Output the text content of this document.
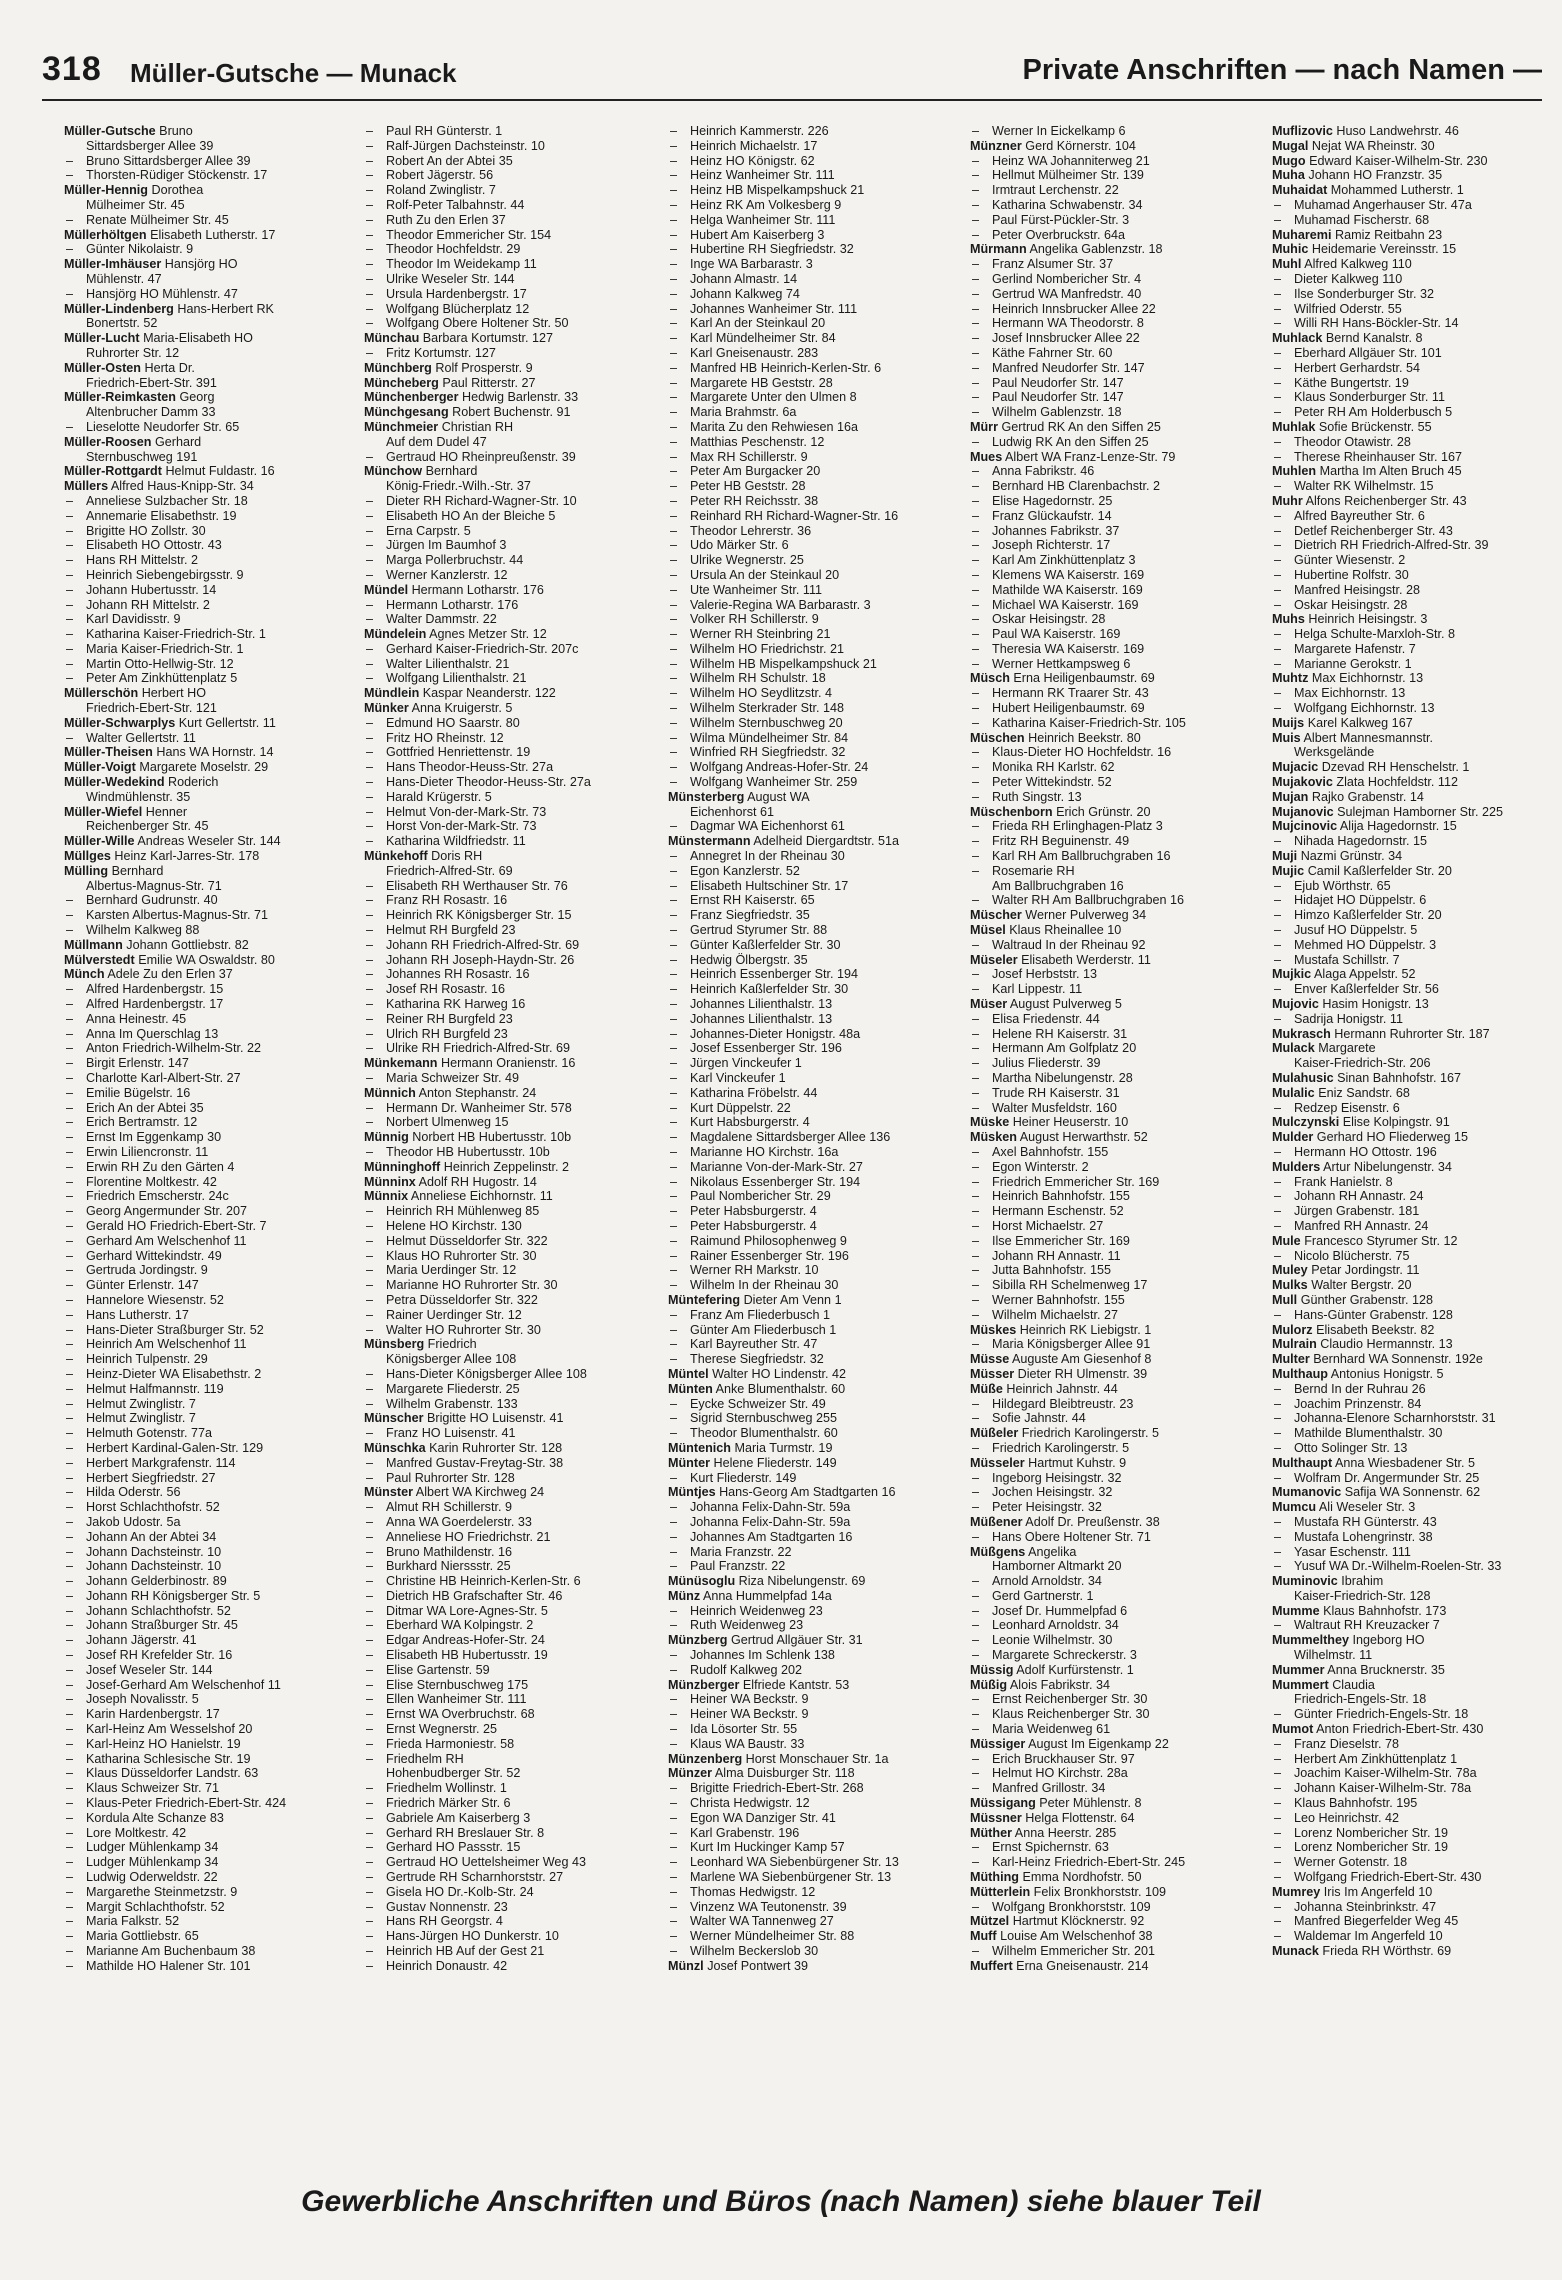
318 Müller-Gutsche — Munack	Private Anschriften — nach Namen —
Müller-Gutsche Bruno
Sittardsberger Allee 39
– Bruno Sittardsberger Allee 39
– Thorsten-Rüdiger Stöckenstr. 17
Müller-Hennig Dorothea
Mülheimer Str. 45
– Renate Mülheimer Str. 45
Müllerhöltgen Elisabeth Lutherstr. 17
– Günter Nikolaistr. 9
Müller-Imhäuser Hansjörg HO
Mühlenstr. 47
– Hansjörg HO Mühlenstr. 47
Müller-Lindenberg Hans-Herbert RK
Bonertstr. 52
Müller-Lucht Maria-Elisabeth HO
Ruhrorter Str. 12
Müller-Osten Herta Dr.
Friedrich-Ebert-Str. 391
Müller-Reimkasten Georg
Altenbrucher Damm 33
– Lieselotte Neudorfer Str. 65
Müller-Roosen Gerhard
Sternbuschweg 191
Müller-Rottgardt Helmut Fuldastr. 16
Müllers Alfred Haus-Knipp-Str. 34
– Anneliese Sulzbacher Str. 18
– Annemarie Elisabethstr. 19
– Brigitte HO Zollstr. 30
– Elisabeth HO Ottostr. 43
– Hans RH Mittelstr. 2
– Heinrich Siebengebirgsstr. 9
– Johann Hubertusstr. 14
– Johann RH Mittelstr. 2
– Karl Davidisstr. 9
– Katharina Kaiser-Friedrich-Str. 1
– Maria Kaiser-Friedrich-Str. 1
– Martin Otto-Hellwig-Str. 12
– Peter Am Zinkhüttenplatz 5
Müllerschön Herbert HO
Friedrich-Ebert-Str. 121
Müller-Schwarplys Kurt Gellertstr. 11
– Walter Gellertstr. 11
Müller-Theisen Hans WA Hornstr. 14
Müller-Voigt Margarete Moselstr. 29
Müller-Wedekind Roderich
Windmühlenstr. 35
Müller-Wiefel Henner
Reichenberger Str. 45
Müller-Wille Andreas Weseler Str. 144
Müllges Heinz Karl-Jarres-Str. 178
Mülling Bernhard
Albertus-Magnus-Str. 71
– Bernhard Gudrunstr. 40
– Karsten Albertus-Magnus-Str. 71
– Wilhelm Kalkweg 88
Müllmann Johann Gottliebstr. 82
Mülverstedt Emilie WA Oswaldstr. 80
Münch Adele Zu den Erlen 37
– Alfred Hardenbergstr. 15
– Alfred Hardenbergstr. 17
– Anna Heinestr. 45
– Anna Im Querschlag 13
– Anton Friedrich-Wilhelm-Str. 22
– Birgit Erlenstr. 147
– Charlotte Karl-Albert-Str. 27
– Emilie Bügelstr. 16
– Erich An der Abtei 35
– Erich Bertramstr. 12
– Ernst Im Eggenkamp 30
– Erwin Liliencronstr. 11
– Erwin RH Zu den Gärten 4
– Florentine Moltkestr. 42
– Friedrich Emscherstr. 24c
– Georg Angermunder Str. 207
– Gerald HO Friedrich-Ebert-Str. 7
– Gerhard Am Welschenhof 11
– Gerhard Wittekindstr. 49
– Gertruda Jordingstr. 9
– Günter Erlenstr. 147
– Hannelore Wiesenstr. 52
– Hans Lutherstr. 17
– Hans-Dieter Straßburger Str. 52
– Heinrich Am Welschenhof 11
– Heinrich Tulpenstr. 29
– Heinz-Dieter WA Elisabethstr. 2
– Helmut Halfmannstr. 119
– Helmut Zwinglistr. 7
– Helmut Zwinglistr. 7
– Helmuth Gotenstr. 77a
– Herbert Kardinal-Galen-Str. 129
– Herbert Markgrafenstr. 114
– Herbert Siegfriedstr. 27
– Hilda Oderstr. 56
– Horst Schlachthofstr. 52
– Jakob Udostr. 5a
– Johann An der Abtei 34
– Johann Dachsteinstr. 10
– Johann Dachsteinstr. 10
– Johann Gelderbinostr. 89
– Johann RH Königsberger Str. 5
– Johann Schlachthofstr. 52
– Johann Straßburger Str. 45
– Johann Jägerstr. 41
– Josef RH Krefelder Str. 16
– Josef Weseler Str. 144
– Josef-Gerhard Am Welschenhof 11
– Joseph Novalisstr. 5
– Karin Hardenbergstr. 17
– Karl-Heinz Am Wesselshof 20
– Karl-Heinz HO Hanielstr. 19
– Katharina Schlesische Str. 19
– Klaus Düsseldorfer Landstr. 63
– Klaus Schweizer Str. 71
– Klaus-Peter Friedrich-Ebert-Str. 424
– Kordula Alte Schanze 83
– Lore Moltkestr. 42
– Ludger Mühlenkamp 34
– Ludger Mühlenkamp 34
– Ludwig Oderweldstr. 22
– Margarethe Steinmetzstr. 9
– Margit Schlachthofstr. 52
– Maria Falkstr. 52
– Maria Gottliebstr. 65
– Marianne Am Buchenbaum 38
– Mathilde HO Halener Str. 101
– Paul RH Günterstr. 1
– Ralf-Jürgen Dachsteinstr. 10
– Robert An der Abtei 35
– Robert Jägerstr. 56
– Roland Zwinglistr. 7
– Rolf-Peter Talbahnstr. 44
– Ruth Zu den Erlen 37
– Theodor Emmericher Str. 154
– Theodor Hochfeldstr. 29
– Theodor Im Weidekamp 11
– Ulrike Weseler Str. 144
– Ursula Hardenbergstr. 17
– Wolfgang Blücherplatz 12
– Wolfgang Obere Holtener Str. 50
Münchau Barbara Kortumstr. 127
– Fritz Kortumstr. 127
Münchberg Rolf Prosperstr. 9
Müncheberg Paul Ritterstr. 27
Münchenberger Hedwig Barlenstr. 33
Münchgesang Robert Buchenstr. 91
Münchmeier Christian RH
Auf dem Dudel 47
– Gertraud HO Rheinpreußenstr. 39
Münchow Bernhard
König-Friedr.-Wilh.-Str. 37
– Dieter RH Richard-Wagner-Str. 10
– Elisabeth HO An der Bleiche 5
– Erna Carpstr. 5
– Jürgen Im Baumhof 3
– Marga Pollerbruchstr. 44
– Werner Kanzlerstr. 12
Mündel Hermann Lotharstr. 176
– Hermann Lotharstr. 176
– Walter Dammstr. 22
Mündelein Agnes Metzer Str. 12
– Gerhard Kaiser-Friedrich-Str. 207c
– Walter Lilienthalstr. 21
– Wolfgang Lilienthalstr. 21
Mündlein Kaspar Neanderstr. 122
Münker Anna Kruigerstr. 5
– Edmund HO Saarstr. 80
– Fritz HO Rheinstr. 12
– Gottfried Henriettenstr. 19
– Hans Theodor-Heuss-Str. 27a
– Hans-Dieter Theodor-Heuss-Str. 27a
– Harald Krügerstr. 5
– Helmut Von-der-Mark-Str. 73
– Horst Von-der-Mark-Str. 73
– Katharina Wildfriedstr. 11
Münkehoff Doris RH
Friedrich-Alfred-Str. 69
– Elisabeth RH Werthauser Str. 76
– Franz RH Rosastr. 16
– Heinrich RK Königsberger Str. 15
– Helmut RH Burgfeld 23
– Johann RH Friedrich-Alfred-Str. 69
– Johann RH Joseph-Haydn-Str. 26
– Johannes RH Rosastr. 16
– Josef RH Rosastr. 16
– Katharina RK Harweg 16
– Reiner RH Burgfeld 23
– Ulrich RH Burgfeld 23
– Ulrike RH Friedrich-Alfred-Str. 69
Münkemann Hermann Oranienstr. 16
– Maria Schweizer Str. 49
Münnich Anton Stephanstr. 24
– Hermann Dr. Wanheimer Str. 578
– Norbert Ulmenweg 15
Münnig Norbert HB Hubertusstr. 10b
– Theodor HB Hubertusstr. 10b
Münninghoff Heinrich Zeppelinstr. 2
Münninx Adolf RH Hugostr. 14
Münnix Anneliese Eichhornstr. 11
– Heinrich RH Mühlenweg 85
– Helene HO Kirchstr. 130
– Helmut Düsseldorfer Str. 322
– Klaus HO Ruhrorter Str. 30
– Maria Uerdinger Str. 12
– Marianne HO Ruhrorter Str. 30
– Petra Düsseldorfer Str. 322
– Rainer Uerdinger Str. 12
– Walter HO Ruhrorter Str. 30
Münsberg Friedrich
Königsberger Allee 108
– Hans-Dieter Königsberger Allee 108
– Margarete Fliederstr. 25
– Wilhelm Grabenstr. 133
Münscher Brigitte HO Luisenstr. 41
– Franz HO Luisenstr. 41
Münschka Karin Ruhrorter Str. 128
– Manfred Gustav-Freytag-Str. 38
– Paul Ruhrorter Str. 128
Münster Albert WA Kirchweg 24
– Almut RH Schillerstr. 9
– Anna WA Goerdelerstr. 33
– Anneliese HO Friedrichstr. 21
– Bruno Mathildenstr. 16
– Burkhard Nierssstr. 25
– Christine HB Heinrich-Kerlen-Str. 6
– Dietrich HB Grafschafter Str. 46
– Ditmar WA Lore-Agnes-Str. 5
– Eberhard WA Kolpingstr. 2
– Edgar Andreas-Hofer-Str. 24
– Elisabeth HB Hubertusstr. 19
– Elise Gartenstr. 59
– Elise Sternbuschweg 175
– Ellen Wanheimer Str. 111
– Ernst WA Overbruchstr. 68
– Ernst Wegnerstr. 25
– Frieda Harmoniestr. 58
– Friedhelm RH
Hohenbudberger Str. 52
– Friedhelm Wollinstr. 1
– Friedrich Märker Str. 6
– Gabriele Am Kaiserberg 3
– Gerhard RH Breslauer Str. 8
– Gerhard HO Passstr. 15
– Gertraud HO Uettelsheimer Weg 43
– Gertrude RH Scharnhorststr. 27
– Gisela HO Dr.-Kolb-Str. 24
– Gustav Nonnenstr. 23
– Hans RH Georgstr. 4
– Hans-Jürgen HO Dunkerstr. 10
– Heinrich HB Auf der Gest 21
– Heinrich Donaustr. 42
– Heinrich Kammerstr. 226
– Heinrich Michaelstr. 17
– Heinz HO Königstr. 62
– Heinz Wanheimer Str. 111
– Heinz HB Mispelkampshuck 21
– Heinz RK Am Volkesberg 9
– Helga Wanheimer Str. 111
– Hubert Am Kaiserberg 3
– Hubertine RH Siegfriedstr. 32
– Inge WA Barbarastr. 3
– Johann Almastr. 14
– Johann Kalkweg 74
– Johannes Wanheimer Str. 111
– Karl An der Steinkaul 20
– Karl Mündelheimer Str. 84
– Karl Gneisenaustr. 283
– Manfred HB Heinrich-Kerlen-Str. 6
– Margarete HB Geststr. 28
– Margarete Unter den Ulmen 8
– Maria Brahmstr. 6a
– Marita Zu den Rehwiesen 16a
– Matthias Peschenstr. 12
– Max RH Schillerstr. 9
– Peter Am Burgacker 20
– Peter HB Geststr. 28
– Peter RH Reichsstr. 38
– Reinhard RH Richard-Wagner-Str. 16
– Theodor Lehrerstr. 36
– Udo Märker Str. 6
– Ulrike Wegnerstr. 25
– Ursula An der Steinkaul 20
– Ute Wanheimer Str. 111
– Valerie-Regina WA Barbarastr. 3
– Volker RH Schillerstr. 9
– Werner RH Steinbring 21
– Wilhelm HO Friedrichstr. 21
– Wilhelm HB Mispelkampshuck 21
– Wilhelm RH Schulstr. 18
– Wilhelm HO Seydlitzstr. 4
– Wilhelm Sterkrader Str. 148
– Wilhelm Sternbuschweg 20
– Wilma Mündelheimer Str. 84
– Winfried RH Siegfriedstr. 32
– Wolfgang Andreas-Hofer-Str. 24
– Wolfgang Wanheimer Str. 259
Münsterberg August WA
Eichenhorst 61
– Dagmar WA Eichenhorst 61
Münstermann Adelheid Diergardtstr. 51a
– Annegret In der Rheinau 30
– Egon Kanzlerstr. 52
– Elisabeth Hultschiner Str. 17
– Ernst RH Kaiserstr. 65
– Franz Siegfriedstr. 35
– Gertrud Styrumer Str. 88
– Günter Kaßlerfelder Str. 30
– Hedwig Ölbergstr. 35
– Heinrich Essenberger Str. 194
– Heinrich Kaßlerfelder Str. 30
– Johannes Lilienthalstr. 13
– Johannes Lilienthalstr. 13
– Johannes-Dieter Honigstr. 48a
– Josef Essenberger Str. 196
– Jürgen Vinckeufer 1
– Karl Vinckeufer 1
– Katharina Fröbelstr. 44
– Kurt Düppelstr. 22
– Kurt Habsburgerstr. 4
– Magdalene Sittardsberger Allee 136
– Marianne HO Kirchstr. 16a
– Marianne Von-der-Mark-Str. 27
– Nikolaus Essenberger Str. 194
– Paul Nombericher Str. 29
– Peter Habsburgerstr. 4
– Peter Habsburgerstr. 4
– Raimund Philosophenweg 9
– Rainer Essenberger Str. 196
– Werner RH Markstr. 10
– Wilhelm In der Rheinau 30
Müntefering Dieter Am Venn 1
– Franz Am Fliederbusch 1
– Günter Am Fliederbusch 1
– Karl Bayreuther Str. 47
– Therese Siegfriedstr. 32
Müntel Walter HO Lindenstr. 42
Münten Anke Blumenthalstr. 60
– Eycke Schweizer Str. 49
– Sigrid Sternbuschweg 255
– Theodor Blumenthalstr. 60
Müntenich Maria Turmstr. 19
Münter Helene Fliederstr. 149
– Kurt Fliederstr. 149
Müntjes Hans-Georg Am Stadtgarten 16
– Johanna Felix-Dahn-Str. 59a
– Johanna Felix-Dahn-Str. 59a
– Johannes Am Stadtgarten 16
– Maria Franzstr. 22
– Paul Franzstr. 22
Münüsoglu Riza Nibelungenstr. 69
Münz Anna Hummelpfad 14a
– Heinrich Weidenweg 23
– Ruth Weidenweg 23
Münzberg Gertrud Allgäuer Str. 31
– Johannes Im Schlenk 138
– Rudolf Kalkweg 202
Münzberger Elfriede Kantstr. 53
– Heiner WA Beckstr. 9
– Heiner WA Beckstr. 9
– Ida Lösorter Str. 55
– Klaus WA Baustr. 33
Münzenberg Horst Monschauer Str. 1a
Münzer Alma Duisburger Str. 118
– Brigitte Friedrich-Ebert-Str. 268
– Christa Hedwigstr. 12
– Egon WA Danziger Str. 41
– Karl Grabenstr. 196
– Kurt Im Huckinger Kamp 57
– Leonhard WA Siebenbürgener Str. 13
– Marlene WA Siebenbürgener Str. 13
– Thomas Hedwigstr. 12
– Vinzenz WA Teutonenstr. 39
– Walter WA Tannenweg 27
– Werner Mündelheimer Str. 88
– Wilhelm Beckerslob 30
Münzl Josef Pontwert 39
– Werner In Eickelkamp 6
Münzner Gerd Körnerstr. 104
– Heinz WA Johanniterweg 21
– Hellmut Mülheimer Str. 139
– Irmtraut Lerchenstr. 22
– Katharina Schwabenstr. 34
– Paul Fürst-Pückler-Str. 3
– Peter Overbruckstr. 64a
Mürmann Angelika Gablenzstr. 18
– Franz Alsumer Str. 37
– Gerlind Nombericher Str. 4
– Gertrud WA Manfredstr. 40
– Heinrich Innsbrucker Allee 22
– Hermann WA Theodorstr. 8
– Josef Innsbrucker Allee 22
– Käthe Fahrner Str. 60
– Manfred Neudorfer Str. 147
– Paul Neudorfer Str. 147
– Paul Neudorfer Str. 147
– Wilhelm Gablenzstr. 18
Mürr Gertrud RK An den Siffen 25
– Ludwig RK An den Siffen 25
Mues Albert WA Franz-Lenze-Str. 79
– Anna Fabrikstr. 46
– Bernhard HB Clarenbachstr. 2
– Elise Hagedornstr. 25
– Franz Glückaufstr. 14
– Johannes Fabrikstr. 37
– Joseph Richterstr. 17
– Karl Am Zinkhüttenplatz 3
– Klemens WA Kaiserstr. 169
– Mathilde WA Kaiserstr. 169
– Michael WA Kaiserstr. 169
– Oskar Heisingstr. 28
– Paul WA Kaiserstr. 169
– Theresia WA Kaiserstr. 169
– Werner Hettkampsweg 6
Müsch Erna Heiligenbaumstr. 69
– Hermann RK Traarer Str. 43
– Hubert Heiligenbaumstr. 69
– Katharina Kaiser-Friedrich-Str. 105
Müschen Heinrich Beekstr. 80
– Klaus-Dieter HO Hochfeldstr. 16
– Monika RH Karlstr. 62
– Peter Wittekindstr. 52
– Ruth Singstr. 13
Müschenborn Erich Grünstr. 20
– Frieda RH Erlinghagen-Platz 3
– Fritz RH Beguinenstr. 49
– Karl RH Am Ballbruchgraben 16
– Rosemarie RH
Am Ballbruchgraben 16
– Walter RH Am Ballbruchgraben 16
Müscher Werner Pulverweg 34
Müsel Klaus Rheinallee 10
– Waltraud In der Rheinau 92
Müseler Elisabeth Werderstr. 11
– Josef Herbststr. 13
– Karl Lippestr. 11
Müser August Pulverweg 5
– Elisa Friedenstr. 44
– Helene RH Kaiserstr. 31
– Hermann Am Golfplatz 20
– Julius Fliederstr. 39
– Martha Nibelungenstr. 28
– Trude RH Kaiserstr. 31
– Walter Musfeldstr. 160
Müske Heiner Heuserstr. 10
Müsken August Herwarthstr. 52
– Axel Bahnhofstr. 155
– Egon Winterstr. 2
– Friedrich Emmericher Str. 169
– Heinrich Bahnhofstr. 155
– Hermann Eschenstr. 52
– Horst Michaelstr. 27
– Ilse Emmericher Str. 169
– Johann RH Annastr. 11
– Jutta Bahnhofstr. 155
– Sibilla RH Schelmenweg 17
– Werner Bahnhofstr. 155
– Wilhelm Michaelstr. 27
Müskes Heinrich RK Liebigstr. 1
– Maria Königsberger Allee 91
Müsse Auguste Am Giesenhof 8
Müsser Dieter RH Ulmenstr. 39
Müße Heinrich Jahnstr. 44
– Hildegard Bleibtreustr. 23
– Sofie Jahnstr. 44
Müßeler Friedrich Karolingerstr. 5
– Friedrich Karolingerstr. 5
Müsseler Hartmut Kuhstr. 9
– Ingeborg Heisingstr. 32
– Jochen Heisingstr. 32
– Peter Heisingstr. 32
Müßener Adolf Dr. Preußenstr. 38
– Hans Obere Holtener Str. 71
Müßgens Angelika
Hamborner Altmarkt 20
– Arnold Arnoldstr. 34
– Gerd Gartnerstr. 1
– Josef Dr. Hummelpfad 6
– Leonhard Arnoldstr. 34
– Leonie Wilhelmstr. 30
– Margarete Schreckerstr. 3
Müssig Adolf Kurfürstenstr. 1
Müßig Alois Fabrikstr. 34
– Ernst Reichenberger Str. 30
– Klaus Reichenberger Str. 30
– Maria Weidenweg 61
Müssiger August Im Eigenkamp 22
– Erich Bruckhauser Str. 97
– Helmut HO Kirchstr. 28a
– Manfred Grillostr. 34
Müssigang Peter Mühlenstr. 8
Müssner Helga Flottenstr. 64
Müther Anna Heerstr. 285
– Ernst Spichernstr. 63
– Karl-Heinz Friedrich-Ebert-Str. 245
Müthing Emma Nordhofstr. 50
Mütterlein Felix Bronkhorststr. 109
– Wolfgang Bronkhorststr. 109
Mützel Hartmut Klöcknerstr. 92
Muff Louise Am Welschenhof 38
– Wilhelm Emmericher Str. 201
Muffert Erna Gneisenaustr. 214
Muflizovic Huso Landwehrstr. 46
Mugal Nejat WA Rheinstr. 30
Mugo Edward Kaiser-Wilhelm-Str. 230
Muha Johann HO Franzstr. 35
Muhaidat Mohammed Lutherstr. 1
– Muhamad Angerhauser Str. 47a
– Muhamad Fischerstr. 68
Muharemi Ramiz Reitbahn 23
Muhic Heidemarie Vereinsstr. 15
Muhl Alfred Kalkweg 110
– Dieter Kalkweg 110
– Ilse Sonderburger Str. 32
– Wilfried Oderstr. 55
– Willi RH Hans-Böckler-Str. 14
Muhlack Bernd Kanalstr. 8
– Eberhard Allgäuer Str. 101
– Herbert Gerhardstr. 54
– Käthe Bungertstr. 19
– Klaus Sonderburger Str. 11
– Peter RH Am Holderbusch 5
Muhlak Sofie Brückenstr. 55
– Theodor Otawistr. 28
– Therese Rheinhauser Str. 167
Muhlen Martha Im Alten Bruch 45
– Walter RK Wilhelmstr. 15
Muhr Alfons Reichenberger Str. 43
– Alfred Bayreuther Str. 6
– Detlef Reichenberger Str. 43
– Dietrich RH Friedrich-Alfred-Str. 39
– Günter Wiesenstr. 2
– Hubertine Rolfstr. 30
– Manfred Heisingstr. 28
– Oskar Heisingstr. 28
Muhs Heinrich Heisingstr. 3
– Helga Schulte-Marxloh-Str. 8
– Margarete Hafenstr. 7
– Marianne Gerokstr. 1
Muhtz Max Eichhornstr. 13
– Max Eichhornstr. 13
– Wolfgang Eichhornstr. 13
Muijs Karel Kalkweg 167
Muis Albert Mannesmannstr.
Werksgelände
Mujacic Dzevad RH Henschelstr. 1
Mujakovic Zlata Hochfeldstr. 112
Mujan Rajko Grabenstr. 14
Mujanovic Sulejman Hamborner Str. 225
Mujcinovic Alija Hagedornstr. 15
– Nihada Hagedornstr. 15
Muji Nazmi Grünstr. 34
Mujic Camil Kaßlerfelder Str. 20
– Ejub Wörthstr. 65
– Hidajet HO Düppelstr. 6
– Himzo Kaßlerfelder Str. 20
– Jusuf HO Düppelstr. 5
– Mehmed HO Düppelstr. 3
– Mustafa Schillstr. 7
Mujkic Alaga Appelstr. 52
– Enver Kaßlerfelder Str. 56
Mujovic Hasim Honigstr. 13
– Sadrija Honigstr. 11
Mukrasch Hermann Ruhrorter Str. 187
Mulack Margarete
Kaiser-Friedrich-Str. 206
Mulahusic Sinan Bahnhofstr. 167
Mulalic Eniz Sandstr. 68
– Redzep Eisenstr. 6
Mulczynski Elise Kolpingstr. 91
Mulder Gerhard HO Fliederweg 15
– Hermann HO Ottostr. 196
Mulders Artur Nibelungenstr. 34
– Frank Hanielstr. 8
– Johann RH Annastr. 24
– Jürgen Grabenstr. 181
– Manfred RH Annastr. 24
Mule Francesco Styrumer Str. 12
– Nicolo Blücherstr. 75
Muley Petar Jordingstr. 11
Mulks Walter Bergstr. 20
Mull Günther Grabenstr. 128
– Hans-Günter Grabenstr. 128
Mulorz Elisabeth Beekstr. 82
Mulrain Claudio Hermannstr. 13
Multer Bernhard WA Sonnenstr. 192e
Multhaup Antonius Honigstr. 5
– Bernd In der Ruhrau 26
– Joachim Prinzenstr. 84
– Johanna-Elenore Scharnhorststr. 31
– Mathilde Blumenthalstr. 30
– Otto Solinger Str. 13
Multhaupt Anna Wiesbadener Str. 5
– Wolfram Dr. Angermunder Str. 25
Mumanovic Safija WA Sonnenstr. 62
Mumcu Ali Weseler Str. 3
– Mustafa RH Günterstr. 43
– Mustafa Lohengrinstr. 38
– Yasar Eschenstr. 111
– Yusuf WA Dr.-Wilhelm-Roelen-Str. 33
Muminovic Ibrahim
Kaiser-Friedrich-Str. 128
Mumme Klaus Bahnhofstr. 173
– Waltraut RH Kreuzacker 7
Mummelthey Ingeborg HO
Wilhelmstr. 11
Mummer Anna Brucknerstr. 35
Mummert Claudia
Friedrich-Engels-Str. 18
– Günter Friedrich-Engels-Str. 18
Mumot Anton Friedrich-Ebert-Str. 430
– Franz Dieselstr. 78
– Herbert Am Zinkhüttenplatz 1
– Joachim Kaiser-Wilhelm-Str. 78a
– Johann Kaiser-Wilhelm-Str. 78a
– Klaus Bahnhofstr. 195
– Leo Heinrichstr. 42
– Lorenz Nombericher Str. 19
– Lorenz Nombericher Str. 19
– Werner Gotenstr. 18
– Wolfgang Friedrich-Ebert-Str. 430
Mumrey Iris Im Angerfeld 10
– Johanna Steinbrinkstr. 47
– Manfred Biegerfelder Weg 45
– Waldemar Im Angerfeld 10
Munack Frieda RH Wörthstr. 69
Gewerbliche Anschriften und Büros (nach Namen) siehe blauer Teil
